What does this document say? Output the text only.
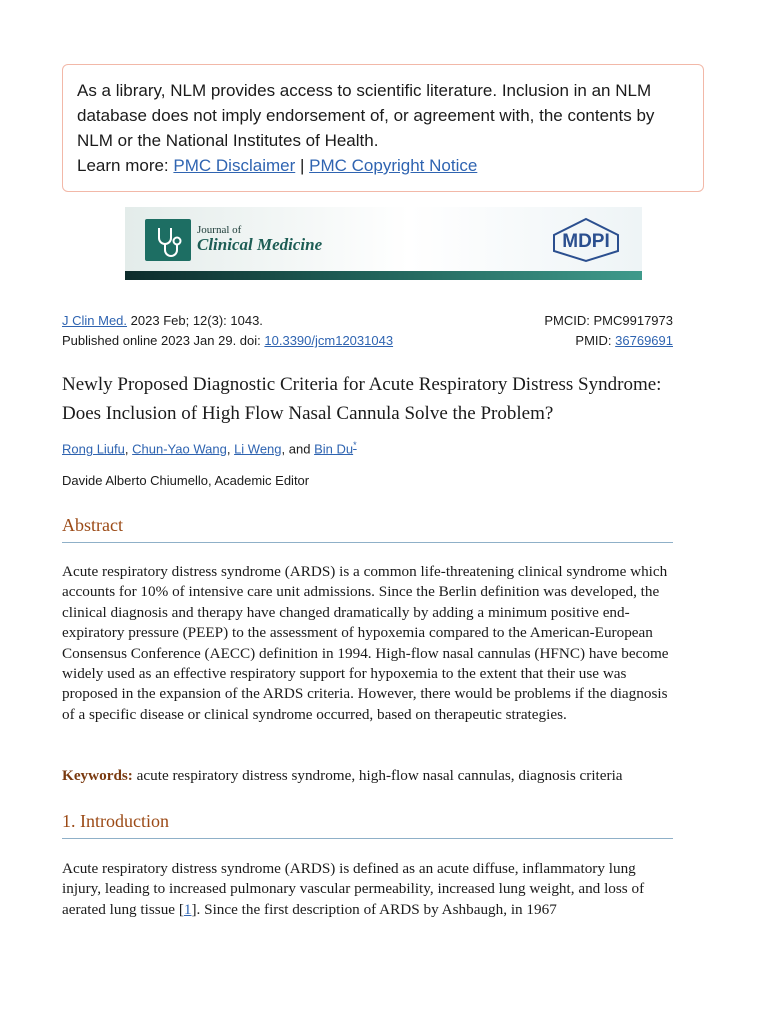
As a library, NLM provides access to scientific literature. Inclusion in an NLM database does not imply endorsement of, or agreement with, the contents by NLM or the National Institutes of Health.
Learn more: PMC Disclaimer | PMC Copyright Notice
Journal of
Clinical Medicine	MDPI
J Clin Med. 2023 Feb; 12(3): 1043.
Published online 2023 Jan 29. doi: 10.3390/jcm12031043
PMCID: PMC9917973
PMID: 36769691
Newly Proposed Diagnostic Criteria for Acute Respiratory Distress Syndrome: Does Inclusion of High Flow Nasal Cannula Solve the Problem?
Rong Liufu, Chun-Yao Wang, Li Weng, and Bin Du*
Davide Alberto Chiumello, Academic Editor
Abstract
Acute respiratory distress syndrome (ARDS) is a common life-threatening clinical syndrome which accounts for 10% of intensive care unit admissions. Since the Berlin definition was developed, the clinical diagnosis and therapy have changed dramatically by adding a minimum positive end-expiratory pressure (PEEP) to the assessment of hypoxemia compared to the American-European Consensus Conference (AECC) definition in 1994. High-flow nasal cannulas (HFNC) have become widely used as an effective respiratory support for hypoxemia to the extent that their use was proposed in the expansion of the ARDS criteria. However, there would be problems if the diagnosis of a specific disease or clinical syndrome occurred, based on therapeutic strategies.
Keywords: acute respiratory distress syndrome, high-flow nasal cannulas, diagnosis criteria
1. Introduction
Acute respiratory distress syndrome (ARDS) is defined as an acute diffuse, inflammatory lung injury, leading to increased pulmonary vascular permeability, increased lung weight, and loss of aerated lung tissue [1]. Since the first description of ARDS by Ashbaugh, in 1967
